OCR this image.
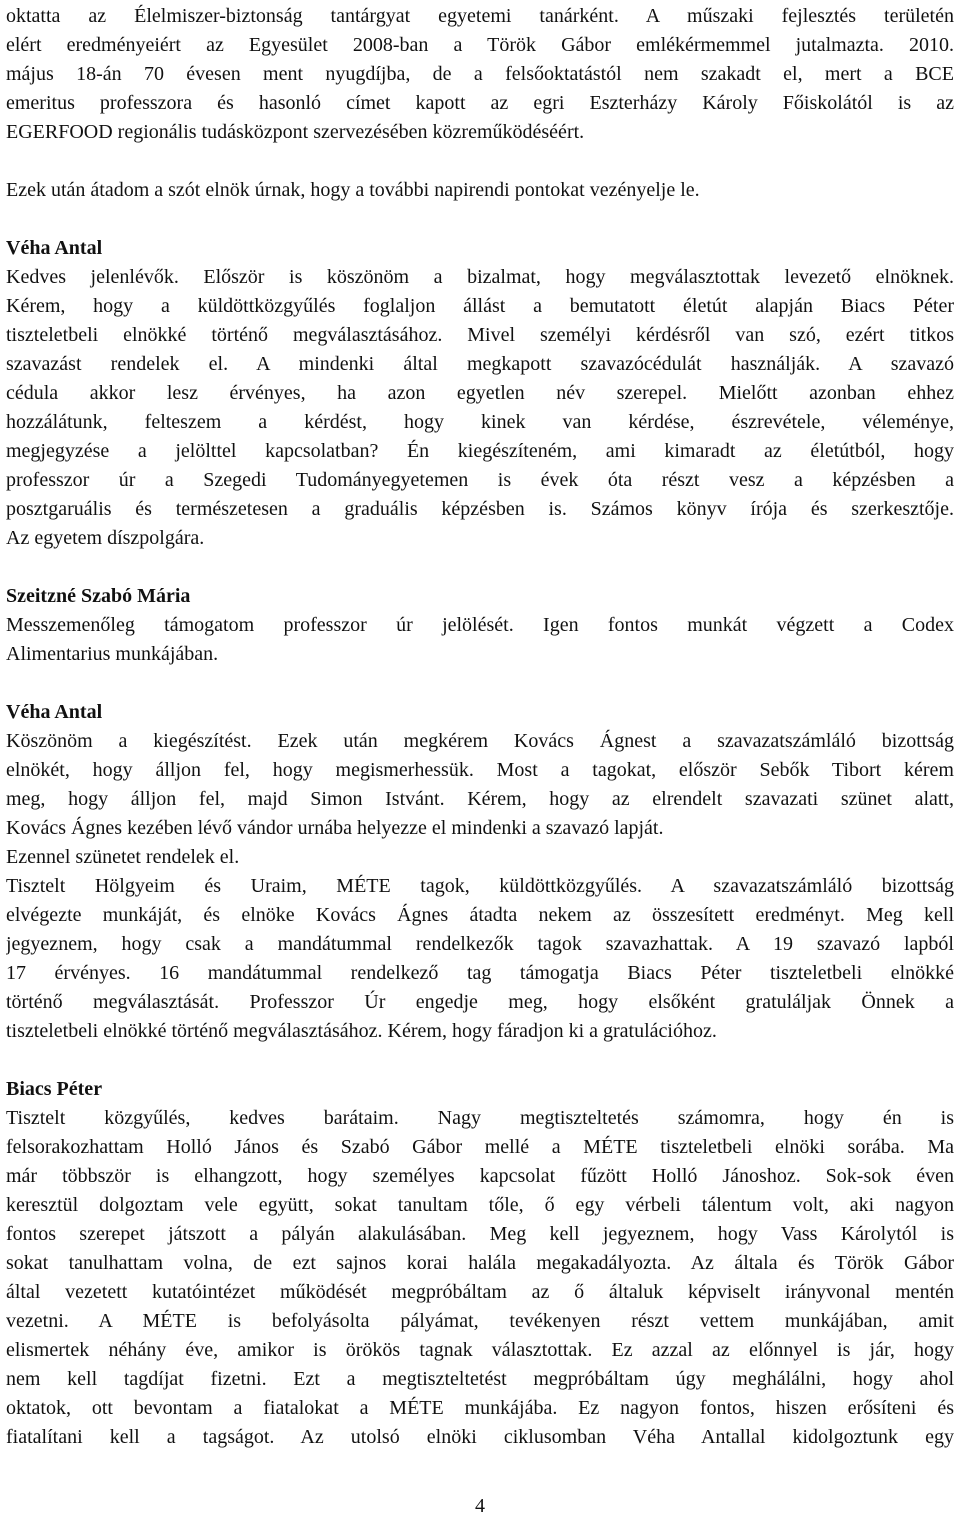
oktatta az Élelmiszer-biztonság tantárgyat egyetemi tanárként. A műszaki fejlesztés területén
elért eredményeiért az Egyesület 2008-ban a Török Gábor emlékérmemmel jutalmazta. 2010.
május 18-án 70 évesen ment nyugdíjba, de a felsőoktatástól nem szakadt el, mert a BCE
emeritus professzora és hasonló címet kapott az egri Eszterházy Károly Főiskolától is az
EGERFOOD regionális tudásközpont szervezésében közreműködéséért.
Ezek után átadom a szót elnök úrnak, hogy a további napirendi pontokat vezényelje le.
Véha Antal
Kedves jelenlévők. Először is köszönöm a bizalmat, hogy megválasztottak levezető elnöknek.
Kérem, hogy a küldöttközgyűlés foglaljon állást a bemutatott életút alapján Biacs Péter
tiszteletbeli elnökké történő megválasztásához. Mivel személyi kérdésről van szó, ezért titkos
szavazást rendelek el. A mindenki által megkapott szavazócédulát használják. A szavazó
cédula akkor lesz érvényes, ha azon egyetlen név szerepel. Mielőtt azonban ehhez
hozzálátunk, felteszem a kérdést, hogy kinek van kérdése, észrevétele, véleménye,
megjegyzése a jelölttel kapcsolatban? Én kiegészíteném, ami kimaradt az életútból, hogy
professzor úr a Szegedi Tudományegyetemen is évek óta részt vesz a képzésben a
posztgaruális és természetesen a graduális képzésben is. Számos könyv írója és szerkesztője.
Az egyetem díszpolgára.
Szeitzné Szabó Mária
Messzemenőleg támogatom professzor úr jelölését. Igen fontos munkát végzett a Codex
Alimentarius munkájában.
Véha Antal
Köszönöm a kiegészítést. Ezek után megkérem Kovács Ágnest a szavazatszámláló bizottság
elnökét, hogy álljon fel, hogy megismerhessük. Most a tagokat, először Sebők Tibort kérem
meg, hogy álljon fel, majd Simon Istvánt. Kérem, hogy az elrendelt szavazati szünet alatt,
Kovács Ágnes kezében lévő vándor urnába helyezze el mindenki a szavazó lapját.
Ezennel szünetet rendelek el.
Tisztelt Hölgyeim és Uraim, MÉTE tagok, küldöttközgyűlés. A szavazatszámláló bizottság
elvégezte munkáját, és elnöke Kovács Ágnes átadta nekem az összesített eredményt. Meg kell
jegyeznem, hogy csak a mandátummal rendelkezők tagok szavazhattak. A 19 szavazó lapból
17 érvényes. 16 mandátummal rendelkező tag támogatja Biacs Péter tiszteletbeli elnökké
történő megválasztását. Professzor Úr engedje meg, hogy elsőként gratuláljak Önnek a
tiszteletbeli elnökké történő megválasztásához. Kérem, hogy fáradjon ki a gratulációhoz.
Biacs Péter
Tisztelt közgyűlés, kedves barátaim. Nagy megtiszteltetés számomra, hogy én is
felsorakozhattam Holló János és Szabó Gábor mellé a MÉTE tiszteletbeli elnöki sorába. Ma
már többször is elhangzott, hogy személyes kapcsolat fűzött Holló Jánoshoz. Sok-sok éven
keresztül dolgoztam vele együtt, sokat tanultam tőle, ő egy vérbeli tálentum volt, aki nagyon
fontos szerepet játszott a pályán alakulásában. Meg kell jegyeznem, hogy Vass Károlytól is
sokat tanulhattam volna, de ezt sajnos korai halála megakadályozta. Az általa és Török Gábor
által vezetett kutatóintézet működését megpróbáltam az ő általuk képviselt irányvonal mentén
vezetni. A MÉTE is befolyásolta pályámat, tevékenyen részt vettem munkájában, amit
elismertek néhány éve, amikor is örökös tagnak választottak. Ez azzal az előnnyel is jár, hogy
nem kell tagdíjat fizetni. Ezt a megtiszteltetést megpróbáltam úgy meghálálni, hogy ahol
oktatok, ott bevontam a fiatalokat a MÉTE munkájába. Ez nagyon fontos, hiszen erősíteni és
fiatalítani kell a tagságot. Az utolsó elnöki ciklusomban Véha Antallal kidolgoztunk egy
4
